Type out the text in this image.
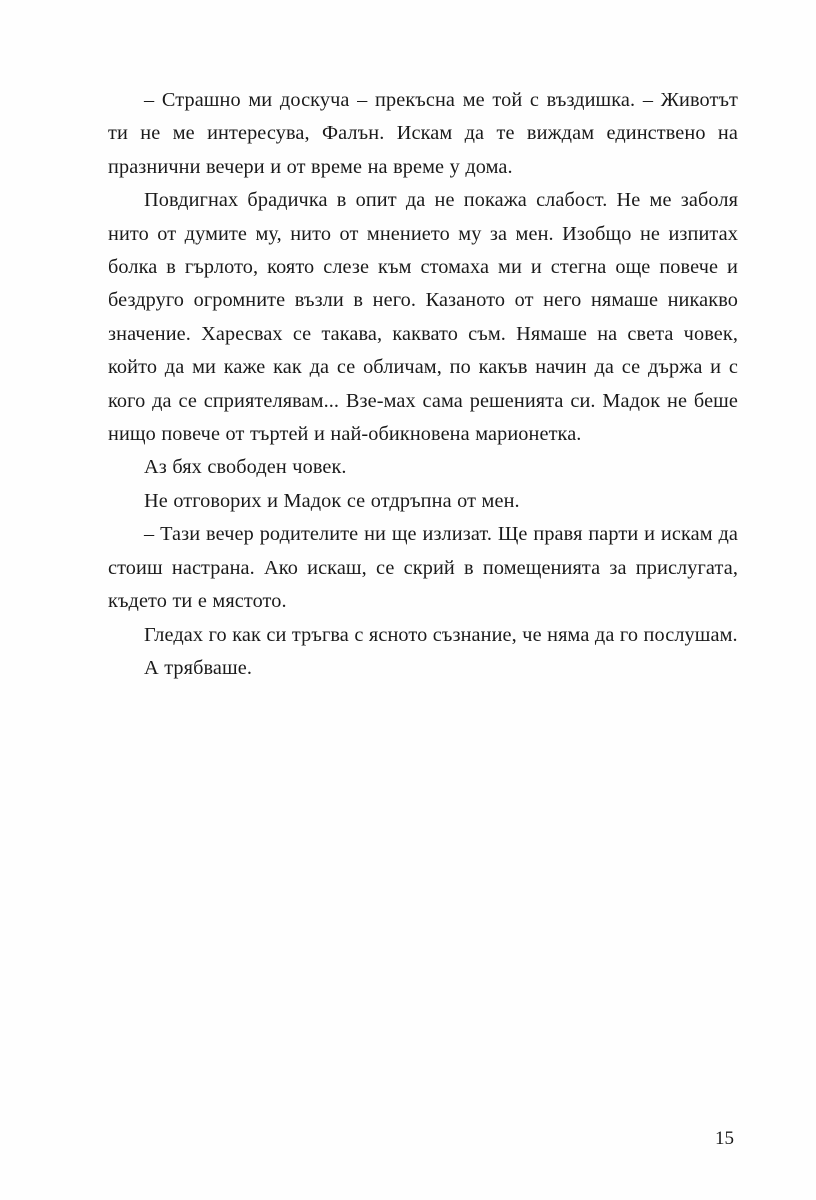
– Страшно ми доскуча – прекъсна ме той с въздишка. – Животът ти не ме интересува, Фалън. Искам да те виждам единствено на празнични вечери и от време на време у дома.

Повдигнах брадичка в опит да не покажа слабост. Не ме заболя нито от думите му, нито от мнението му за мен. Изобщо не изпитах болка в гърлото, която слезе към стомаха ми и стегна още повече и бездруго огромните възли в него. Казаното от него нямаше никакво значение. Харесвах се такава, каквато съм. Нямаше на света човек, който да ми каже как да се обличам, по какъв начин да се държа и с кого да се сприятелявам... Взе-мах сама решенията си. Мадок не беше нищо повече от търтей и най-обикновена марионетка.

Аз бях свободен човек.

Не отговорих и Мадок се отдръпна от мен.

– Тази вечер родителите ни ще излизат. Ще правя парти и искам да стоиш настрана. Ако искаш, се скрий в помещенията за прислугата, където ти е мястото.

Гледах го как си тръгва с ясното съзнание, че няма да го послушам.

А трябваше.

15
